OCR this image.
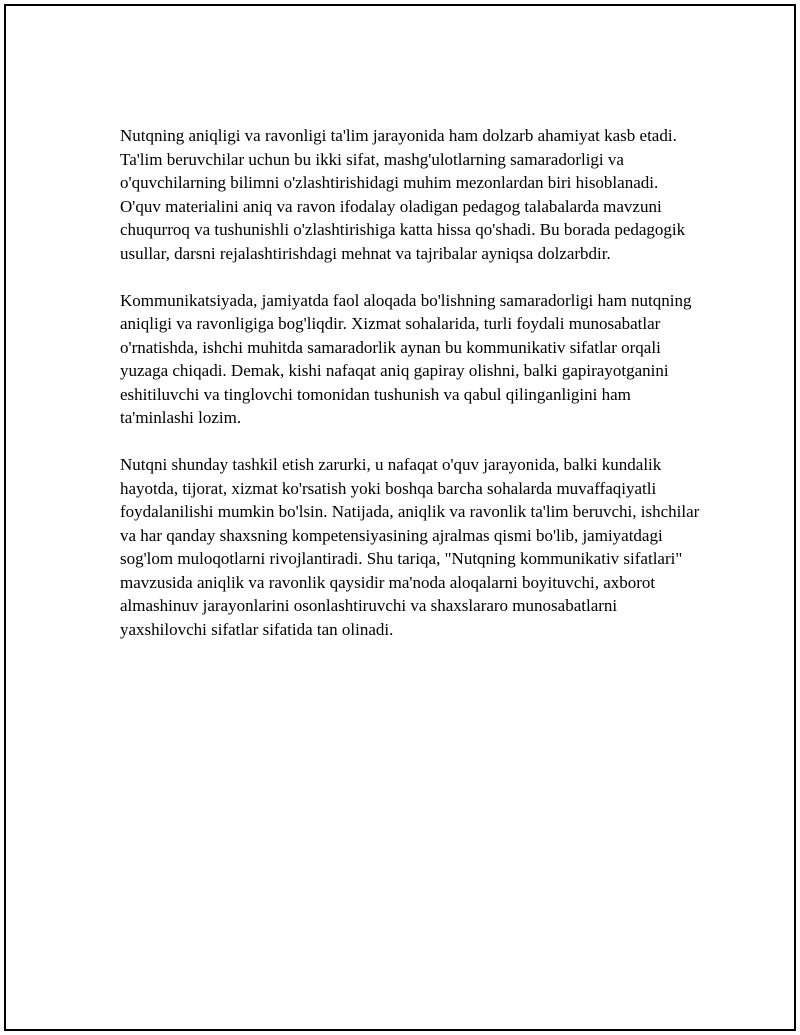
Nutqning aniqligi va ravonligi ta'lim jarayonida ham dolzarb ahamiyat kasb etadi. Ta'lim beruvchilar uchun bu ikki sifat, mashg'ulotlarning samaradorligi va o'quvchilarning bilimni o'zlashtirishidagi muhim mezonlardan biri hisoblanadi. O'quv materialini aniq va ravon ifodalay oladigan pedagog talabalarda mavzuni chuqurroq va tushunishli o'zlashtirishiga katta hissa qo'shadi. Bu borada pedagogik usullar, darsni rejalashtirishdagi mehnat va tajribalar ayniqsa dolzarbdir.

Kommunikatsiyada, jamiyatda faol aloqada bo'lishning samaradorligi ham nutqning aniqligi va ravonligiga bog'liqdir. Xizmat sohalarida, turli foydali munosabatlar o'rnatishda, ishchi muhitda samaradorlik aynan bu kommunikativ sifatlar orqali yuzaga chiqadi. Demak, kishi nafaqat aniq gapiray olishni, balki gapirayotganini eshitiluvchi va tinglovchi tomonidan tushunish va qabul qilinganligini ham ta'minlashi lozim.

Nutqni shunday tashkil etish zarurki, u nafaqat o'quv jarayonida, balki kundalik hayotda, tijorat, xizmat ko'rsatish yoki boshqa barcha sohalarda muvaffaqiyatli foydalanilishi mumkin bo'lsin. Natijada, aniqlik va ravonlik ta'lim beruvchi, ishchilar va har qanday shaxsning kompetensiyasining ajralmas qismi bo'lib, jamiyatdagi sog'lom muloqotlarni rivojlantiradi. Shu tariqa, "Nutqning kommunikativ sifatlari" mavzusida aniqlik va ravonlik qaysidir ma'noda aloqalarni boyituvchi, axborot almashinuv jarayonlarini osonlashtiruvchi va shaxslararo munosabatlarni yaxshilovchi sifatlar sifatida tan olinadi.
